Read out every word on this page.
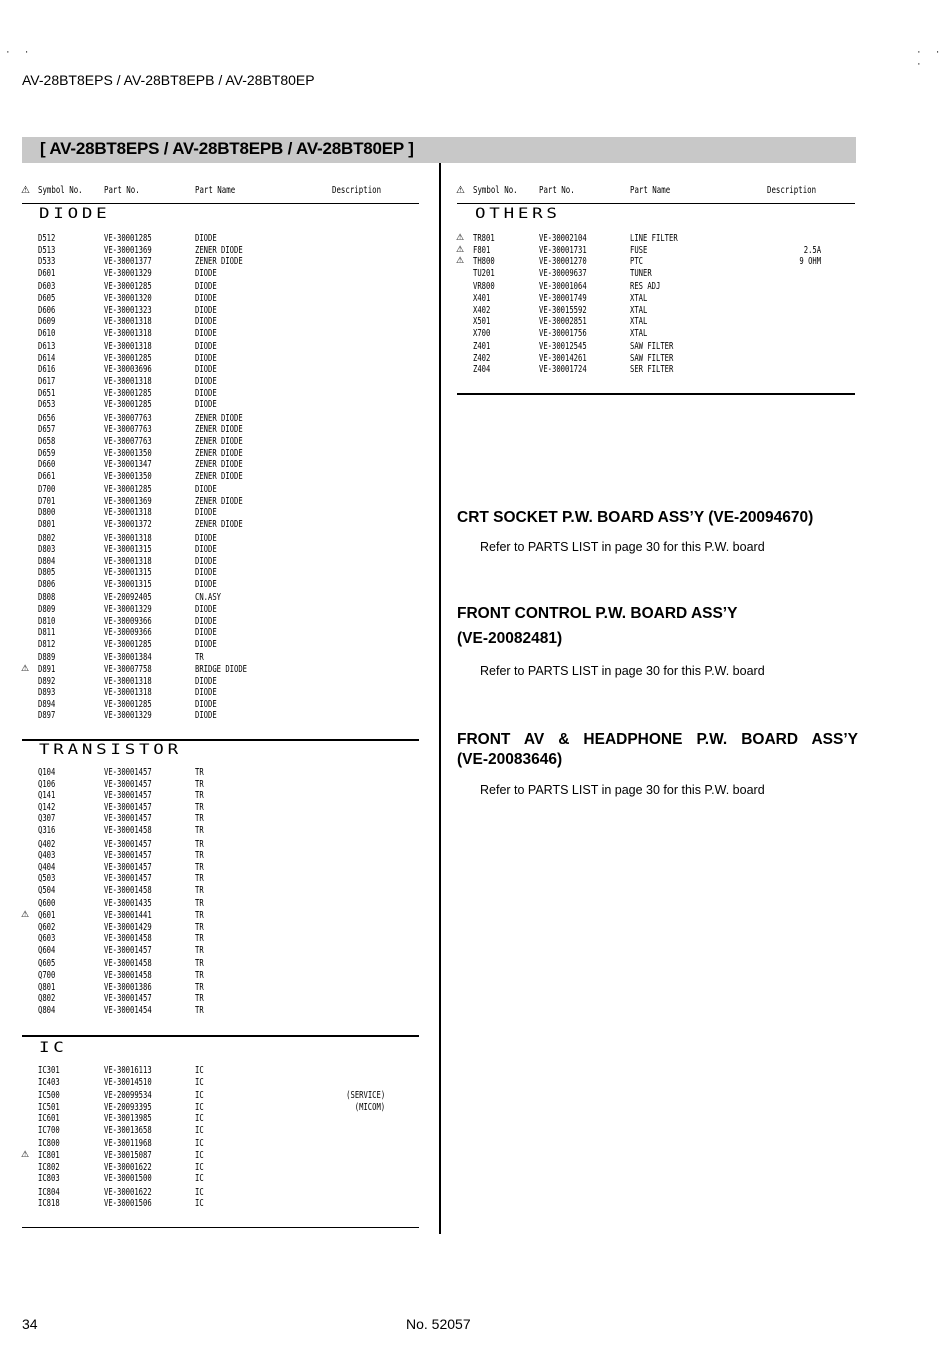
· ·	· · ·
AV-28BT8EPS / AV-28BT8EPB / AV-28BT80EP
[ AV-28BT8EPS / AV-28BT8EPB / AV-28BT80EP ]
⚠ Symbol No. Part No.	Part Name	Description
DIODE
D512	VE-30001285	DIODE
D513	VE-30001369	ZENER DIODE
D533	VE-30001377	ZENER DIODE
D601	VE-30001329	DIODE
D603	VE-30001285	DIODE
D605	VE-30001320	DIODE
D606	VE-30001323	DIODE
D609	VE-30001318	DIODE
D610	VE-30001318	DIODE
D613	VE-30001318	DIODE
D614	VE-30001285	DIODE
D616	VE-30003696	DIODE
D617	VE-30001318	DIODE
D651	VE-30001285	DIODE
D653	VE-30001285	DIODE
D656	VE-30007763	ZENER DIODE
D657	VE-30007763	ZENER DIODE
D658	VE-30007763	ZENER DIODE
D659	VE-30001350	ZENER DIODE
D660	VE-30001347	ZENER DIODE
D661	VE-30001350	ZENER DIODE
D700	VE-30001285	DIODE
D701	VE-30001369	ZENER DIODE
D800	VE-30001318	DIODE
D801	VE-30001372	ZENER DIODE
D802	VE-30001318	DIODE
D803	VE-30001315	DIODE
D804	VE-30001318	DIODE
D805	VE-30001315	DIODE
D806	VE-30001315	DIODE
D808	VE-20092405	CN.ASY
D809	VE-30001329	DIODE
D810	VE-30009366	DIODE
D811	VE-30009366	DIODE
D812	VE-30001285	DIODE
D889	VE-30001384	TR
⚠ D891	VE-30007758	BRIDGE DIODE
D892	VE-30001318	DIODE
D893	VE-30001318	DIODE
D894	VE-30001285	DIODE
D897	VE-30001329	DIODE
TRANSISTOR
Q104	VE-30001457	TR
Q106	VE-30001457	TR
Q141	VE-30001457	TR
Q142	VE-30001457	TR
Q307	VE-30001457	TR
Q316	VE-30001458	TR
Q402	VE-30001457	TR
Q403	VE-30001457	TR
Q404	VE-30001457	TR
Q503	VE-30001457	TR
Q504	VE-30001458	TR
Q600	VE-30001435	TR
⚠ Q601	VE-30001441	TR
Q602	VE-30001429	TR
Q603	VE-30001458	TR
Q604	VE-30001457	TR
Q605	VE-30001458	TR
Q700	VE-30001458	TR
Q801	VE-30001386	TR
Q802	VE-30001457	TR
Q804	VE-30001454	TR
IC
IC301	VE-30016113	IC
IC403	VE-30014510	IC
IC500	VE-20099534	IC	(SERVICE)
IC501	VE-20093395	IC	(MICOM)
IC601	VE-30013985	IC
IC700	VE-30013658	IC
IC800	VE-30011968	IC
⚠ IC801	VE-30015087	IC
IC802	VE-30001622	IC
IC803	VE-30001500	IC
IC804	VE-30001622	IC
IC818	VE-30001506	IC
⚠ Symbol No. Part No.	Part Name	Description
OTHERS
⚠ TR801	VE-30002104	LINE FILTER
⚠ F801	VE-30001731	FUSE	2.5A
⚠ TH800	VE-30001270	PTC	9 OHM
TU201	VE-30009637	TUNER
VR800	VE-30001064	RES ADJ
X401	VE-30001749	XTAL
X402	VE-30015592	XTAL
X501	VE-30002851	XTAL
X700	VE-30001756	XTAL
Z401	VE-30012545	SAW FILTER
Z402	VE-30014261	SAW FILTER
Z404	VE-30001724	SER FILTER
CRT SOCKET P.W. BOARD ASS’Y (VE-20094670)
Refer to PARTS LIST in page 30 for this P.W. board
FRONT CONTROL P.W. BOARD ASS’Y
(VE-20082481)
Refer to PARTS LIST in page 30 for this P.W. board
FRONT AV & HEADPHONE P.W. BOARD ASS’Y
(VE-20083646)
Refer to PARTS LIST in page 30 for this P.W. board
34	No. 52057
